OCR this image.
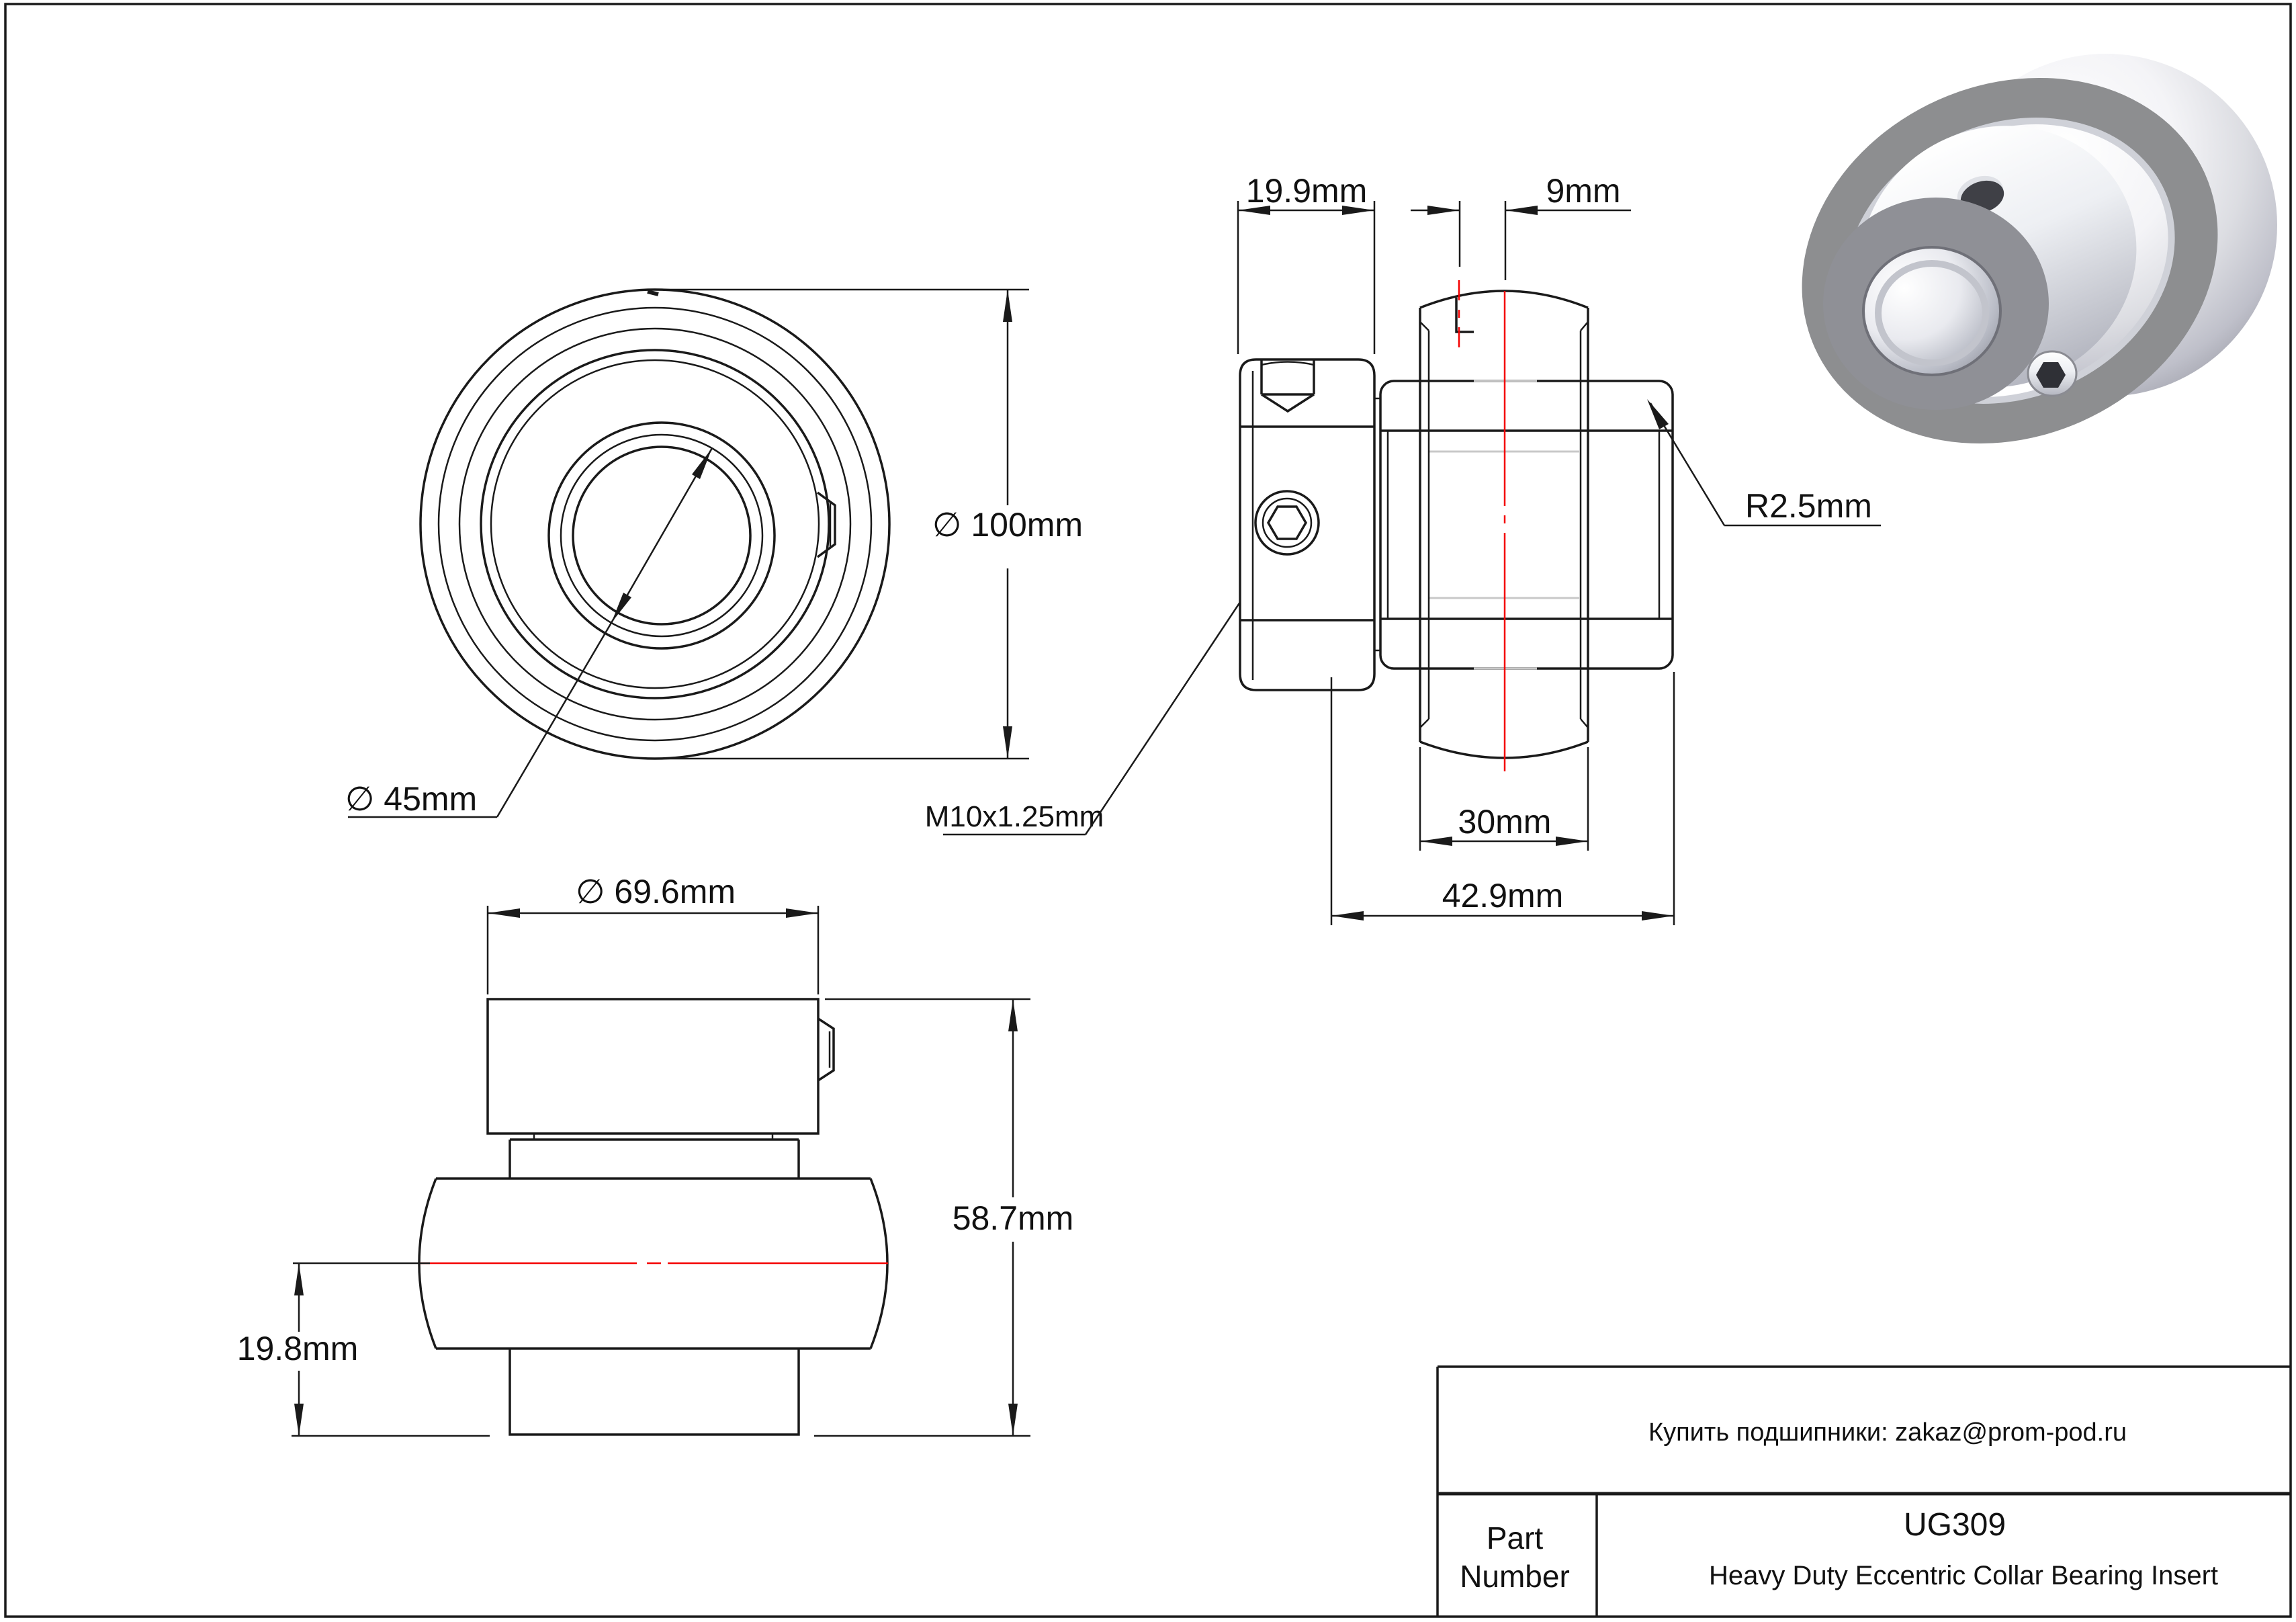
∅ 100mm
∅ 45mm	M10x1.25mm
19.9mm	9mm
R2.5mm
30mm
42.9mm
∅ 69.6mm
58.7mm
19.8mm
Купить подшипники: zakaz@prom-pod.ru
Part
Number
UG309
Heavy Duty Eccentric Collar Bearing Insert
